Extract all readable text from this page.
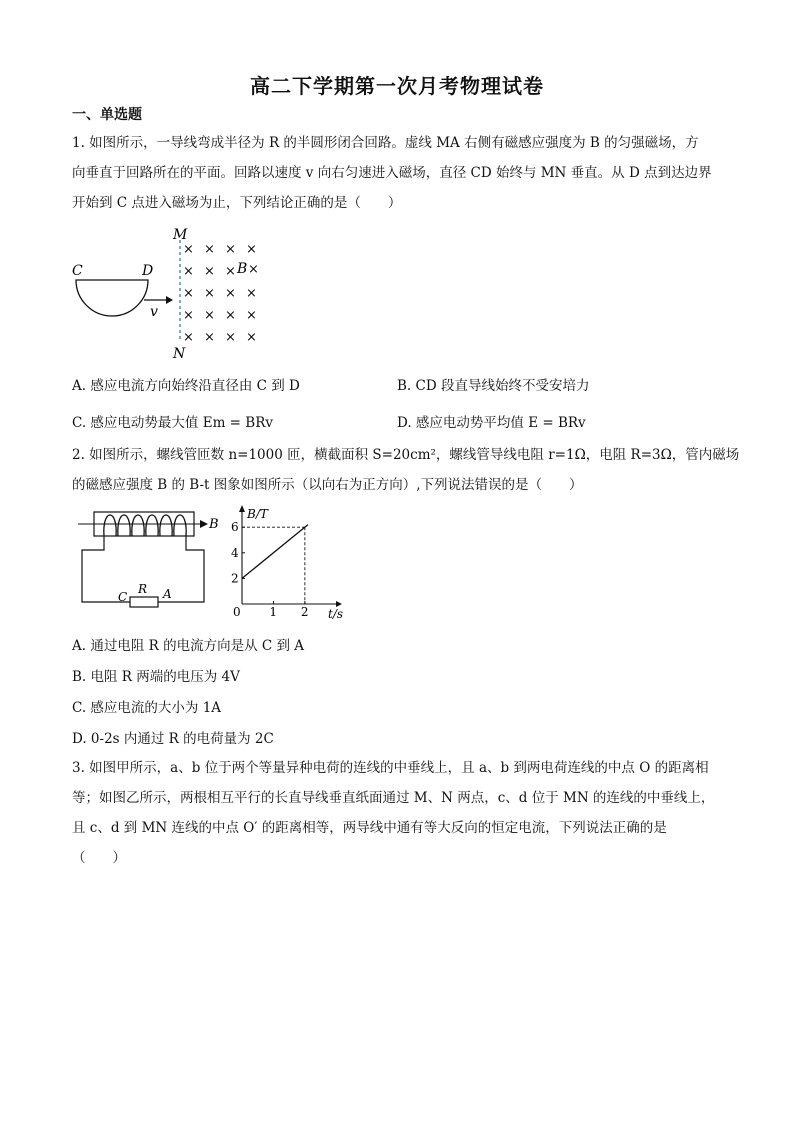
高二下学期第一次月考物理试卷
一、单选题
1. 如图所示，一导线弯成半径为 R 的半圆形闭合回路。虚线 MA 右侧有磁感应强度为 B 的匀强磁场，方
向垂直于回路所在的平面。回路以速度 v 向右匀速进入磁场，直径 CD 始终与 MN 垂直。从 D 点到达边界
开始到 C 点进入磁场为止，下列结论正确的是（　　）
C	D
v
M
N
× × × ×
× × ×
× × × ×
× × × ×
× × × ×
B ×
A. 感应电流方向始终沿直径由 C 到 D	B. CD 段直导线始终不受安培力
C. 感应电动势最大值 Em = BRv	D. 感应电动势平均值 E = BRv
2. 如图所示，螺线管匝数 n=1000 匝，横截面积 S=20cm²，螺线管导线电阻 r=1Ω，电阻 R=3Ω，管内磁场
的磁感应强度 B 的 B-t 图象如图所示（以向右为正方向）,下列说法错误的是（　　）
B
R
C	A
B/T
t/s
0 1 2
2
4
6
A. 通过电阻 R 的电流方向是从 C 到 A
B. 电阻 R 两端的电压为 4V
C. 感应电流的大小为 1A
D. 0-2s 内通过 R 的电荷量为 2C
3. 如图甲所示，a、b 位于两个等量异种电荷的连线的中垂线上，且 a、b 到两电荷连线的中点 O 的距离相
等；如图乙所示，两根相互平行的长直导线垂直纸面通过 M、N 两点，c、d 位于 MN 的连线的中垂线上，
且 c、d 到 MN 连线的中点 O′ 的距离相等，两导线中通有等大反向的恒定电流，下列说法正确的是
（　　）
